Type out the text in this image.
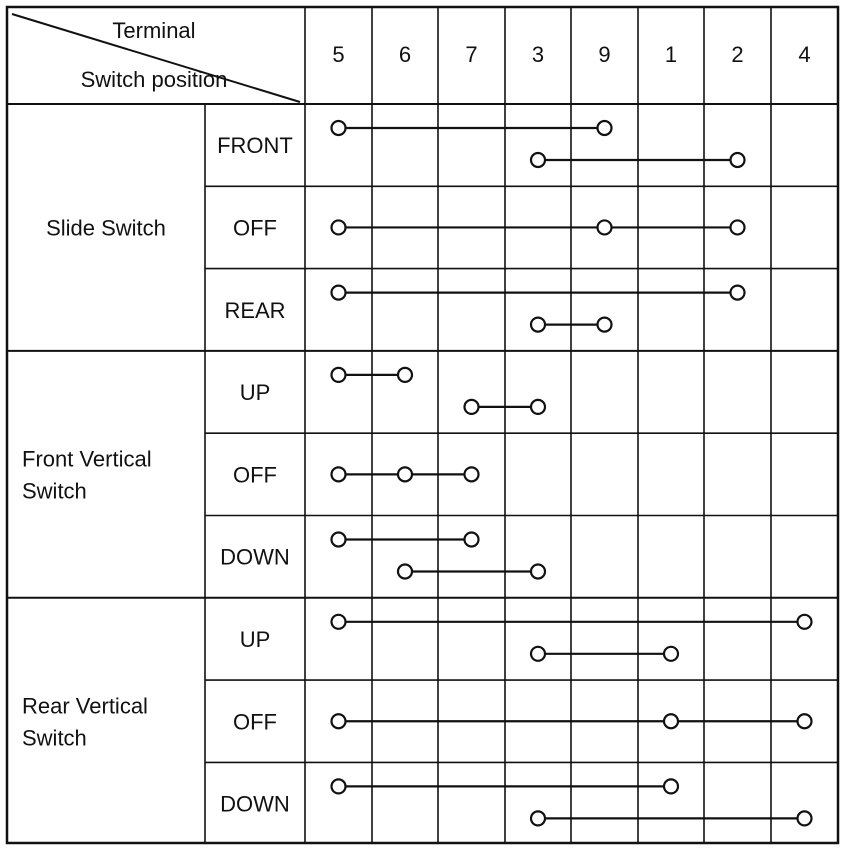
Terminal
Switch position
5 6 7 3 9 1 2 4
Slide Switch
Front Vertical
Switch
Rear Vertical
Switch
FRONT
OFF
REAR
UP
OFF
DOWN
UP
OFF
DOWN
